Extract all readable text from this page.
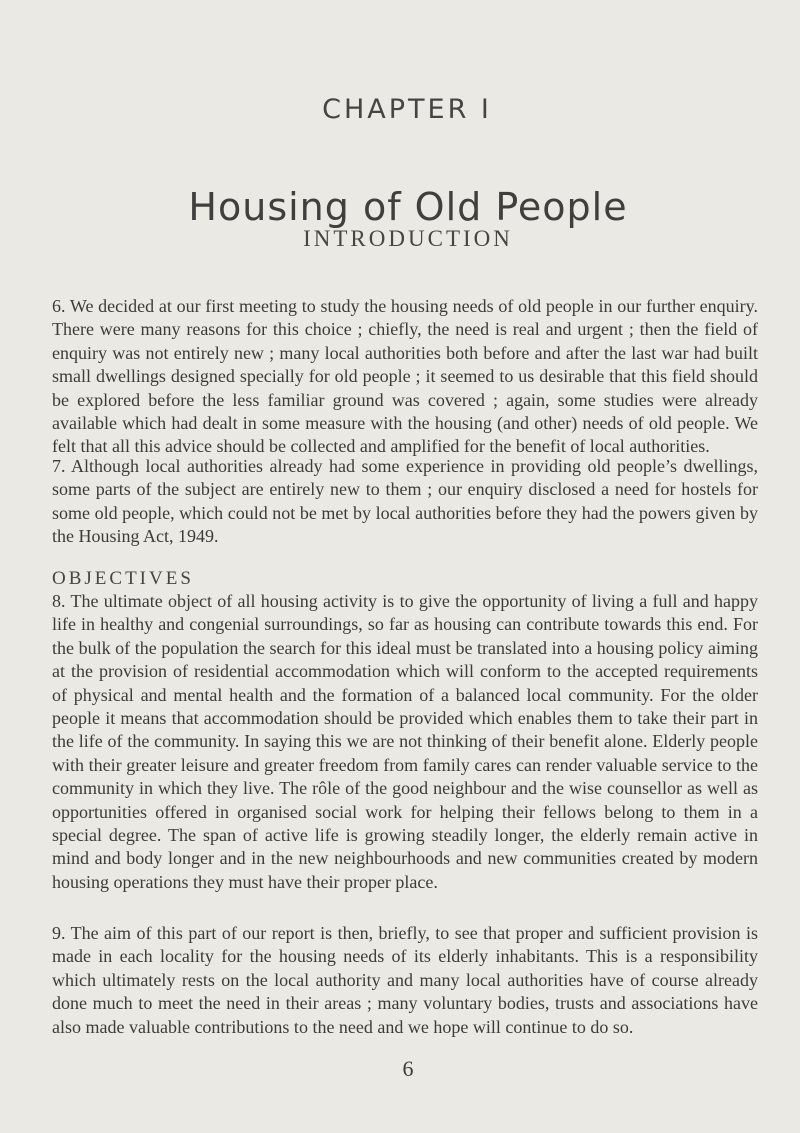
CHAPTER I
Housing of Old People
INTRODUCTION

6. We decided at our first meeting to study the housing needs of old people in our further enquiry. There were many reasons for this choice ; chiefly, the need is real and urgent ; then the field of enquiry was not entirely new ; many local authorities both before and after the last war had built small dwellings designed specially for old people ; it seemed to us desirable that this field should be explored before the less familiar ground was covered ; again, some studies were already available which had dealt in some measure with the housing (and other) needs of old people. We felt that all this advice should be collected and amplified for the benefit of local authorities.

7. Although local authorities already had some experience in providing old people’s dwellings, some parts of the subject are entirely new to them ; our enquiry disclosed a need for hostels for some old people, which could not be met by local authorities before they had the powers given by the Housing Act, 1949.

OBJECTIVES

8. The ultimate object of all housing activity is to give the opportunity of living a full and happy life in healthy and congenial surroundings, so far as housing can contribute towards this end. For the bulk of the population the search for this ideal must be translated into a housing policy aiming at the provision of residential accommodation which will conform to the accepted requirements of physical and mental health and the formation of a balanced local community. For the older people it means that accommodation should be provided which enables them to take their part in the life of the community. In saying this we are not thinking of their benefit alone. Elderly people with their greater leisure and greater freedom from family cares can render valuable service to the community in which they live. The rôle of the good neighbour and the wise counsellor as well as opportunities offered in organised social work for helping their fellows belong to them in a special degree. The span of active life is growing steadily longer, the elderly remain active in mind and body longer and in the new neighbourhoods and new communities created by modern housing operations they must have their proper place.

9. The aim of this part of our report is then, briefly, to see that proper and sufficient provision is made in each locality for the housing needs of its elderly inhabitants. This is a responsibility which ultimately rests on the local authority and many local authorities have of course already done much to meet the need in their areas ; many voluntary bodies, trusts and associations have also made valuable contributions to the need and we hope will continue to do so.

6
